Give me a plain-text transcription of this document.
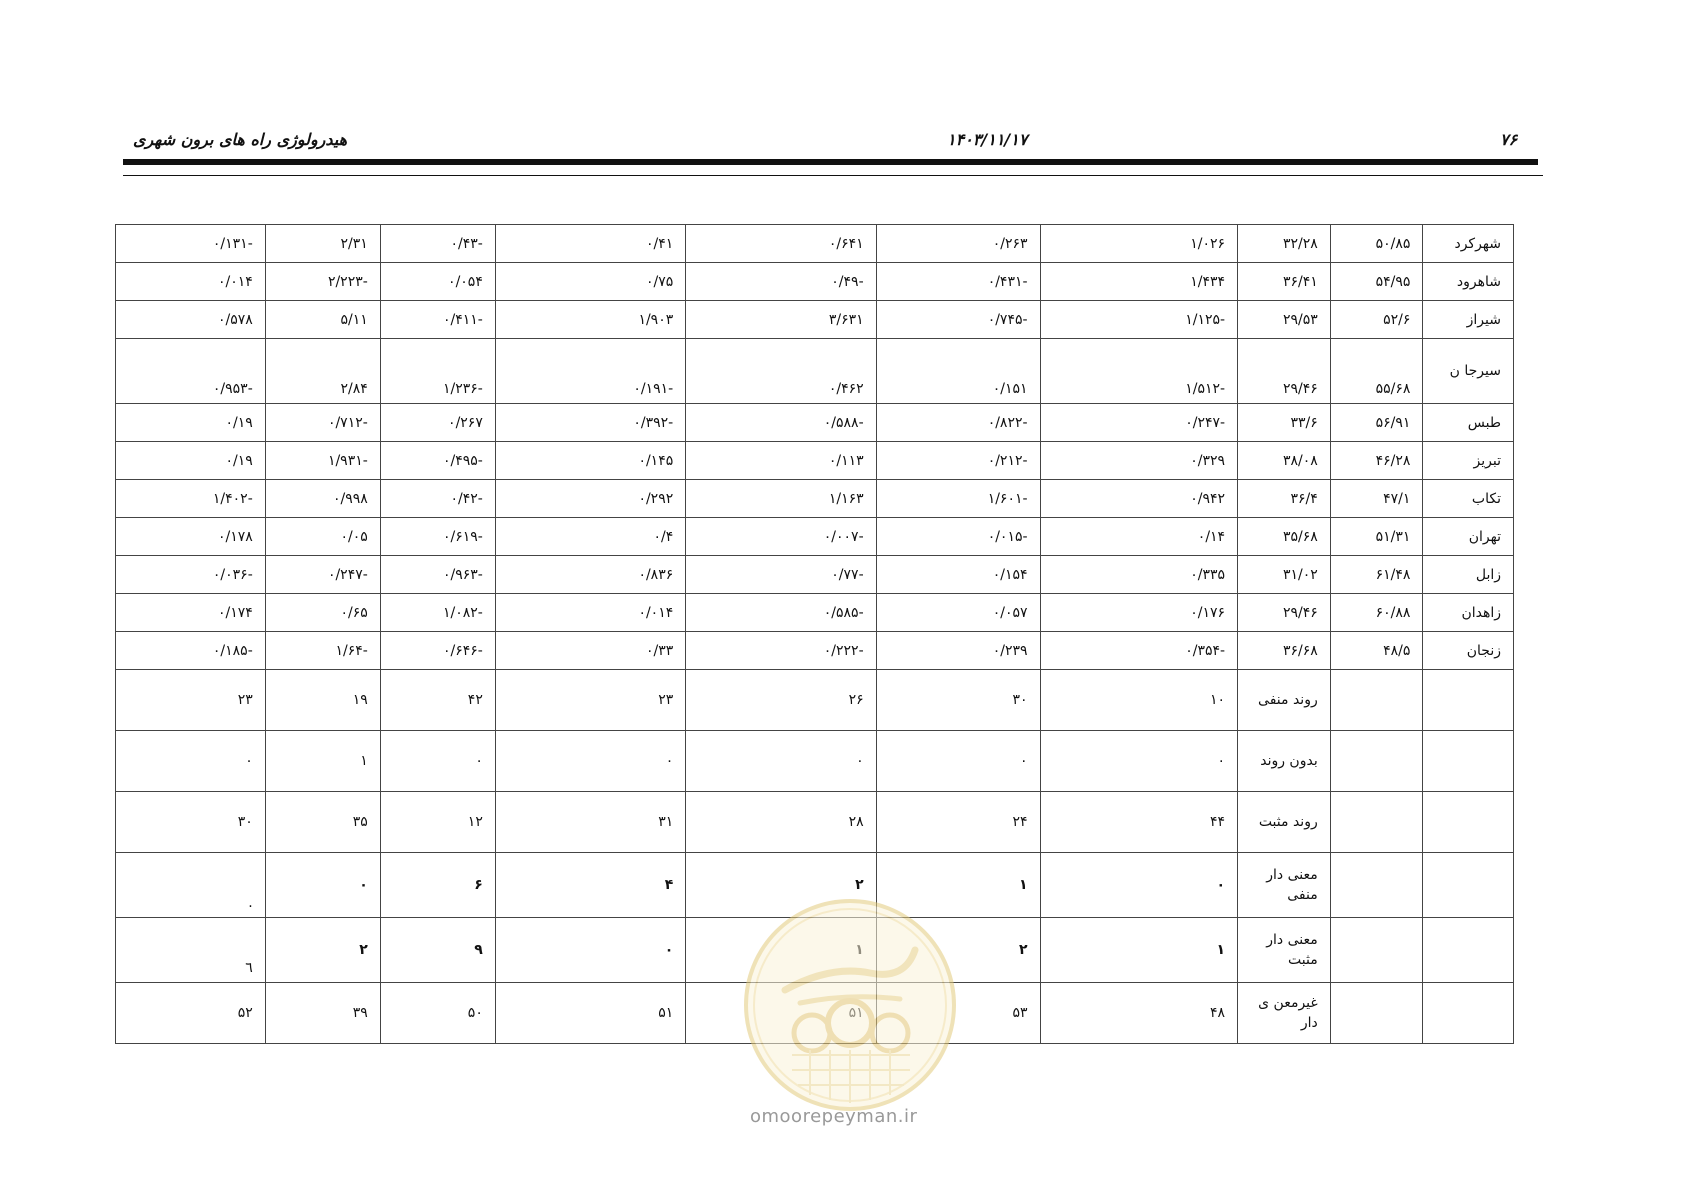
۷۶
۱۴۰۳/۱۱/۱۷
هیدرولوژی راه های برون شهری
شهرکرد	۵۰/۸۵	۳۲/۲۸	۱/۰۲۶	۰/۲۶۳	۰/۶۴۱	۰/۴۱	-۰/۴۳	۲/۳۱	-۰/۱۳۱
شاهرود	۵۴/۹۵	۳۶/۴۱	۱/۴۳۴	-۰/۴۳۱	-۰/۴۹	۰/۷۵	۰/۰۵۴	-۲/۲۲۳	۰/۰۱۴
شیراز	۵۲/۶	۲۹/۵۳	-۱/۱۲۵	-۰/۷۴۵	۳/۶۳۱	۱/۹۰۳	-۰/۴۱۱	۵/۱۱	۰/۵۷۸
سیرجا ن	۵۵/۶۸	۲۹/۴۶	-۱/۵۱۲	۰/۱۵۱	۰/۴۶۲	-۰/۱۹۱	-۱/۲۳۶	۲/۸۴	-۰/۹۵۳
طبس	۵۶/۹۱	۳۳/۶	-۰/۲۴۷	-۰/۸۲۲	-۰/۵۸۸	-۰/۳۹۲	۰/۲۶۷	-۰/۷۱۲	۰/۱۹
تبریز	۴۶/۲۸	۳۸/۰۸	۰/۳۲۹	-۰/۲۱۲	۰/۱۱۳	۰/۱۴۵	-۰/۴۹۵	-۱/۹۳۱	۰/۱۹
تکاب	۴۷/۱	۳۶/۴	۰/۹۴۲	-۱/۶۰۱	۱/۱۶۳	۰/۲۹۲	-۰/۴۲	۰/۹۹۸	-۱/۴۰۲
تهران	۵۱/۳۱	۳۵/۶۸	۰/۱۴	-۰/۰۱۵	-۰/۰۰۷	۰/۴	-۰/۶۱۹	۰/۰۵	۰/۱۷۸
زابل	۶۱/۴۸	۳۱/۰۲	۰/۳۳۵	۰/۱۵۴	-۰/۷۷	۰/۸۳۶	-۰/۹۶۳	-۰/۲۴۷	-۰/۰۳۶
زاهدان	۶۰/۸۸	۲۹/۴۶	۰/۱۷۶	۰/۰۵۷	-۰/۵۸۵	۰/۰۱۴	-۱/۰۸۲	۰/۶۵	۰/۱۷۴
زنجان	۴۸/۵	۳۶/۶۸	-۰/۳۵۴	۰/۲۳۹	-۰/۲۲۲	۰/۳۳	-۰/۶۴۶	-۱/۶۴	-۰/۱۸۵
		روند منفی	۱۰	۳۰	۲۶	۲۳	۴۲	۱۹	۲۳
		بدون روند	۰	۰	۰	۰	۰	۱	۰
		روند مثبت	۴۴	۲۴	۲۸	۳۱	۱۲	۳۵	۳۰
		معنی دار منفی	۰	۱	۲	۴	۶	۰	.
		معنی دار مثبت	۱	۲		۰	۹	۲	٦
		غیرمعن ی دار	۴۸	۵۳		۵۱	۵۰	۳۹	۵۲
omoorepeyman.ir
